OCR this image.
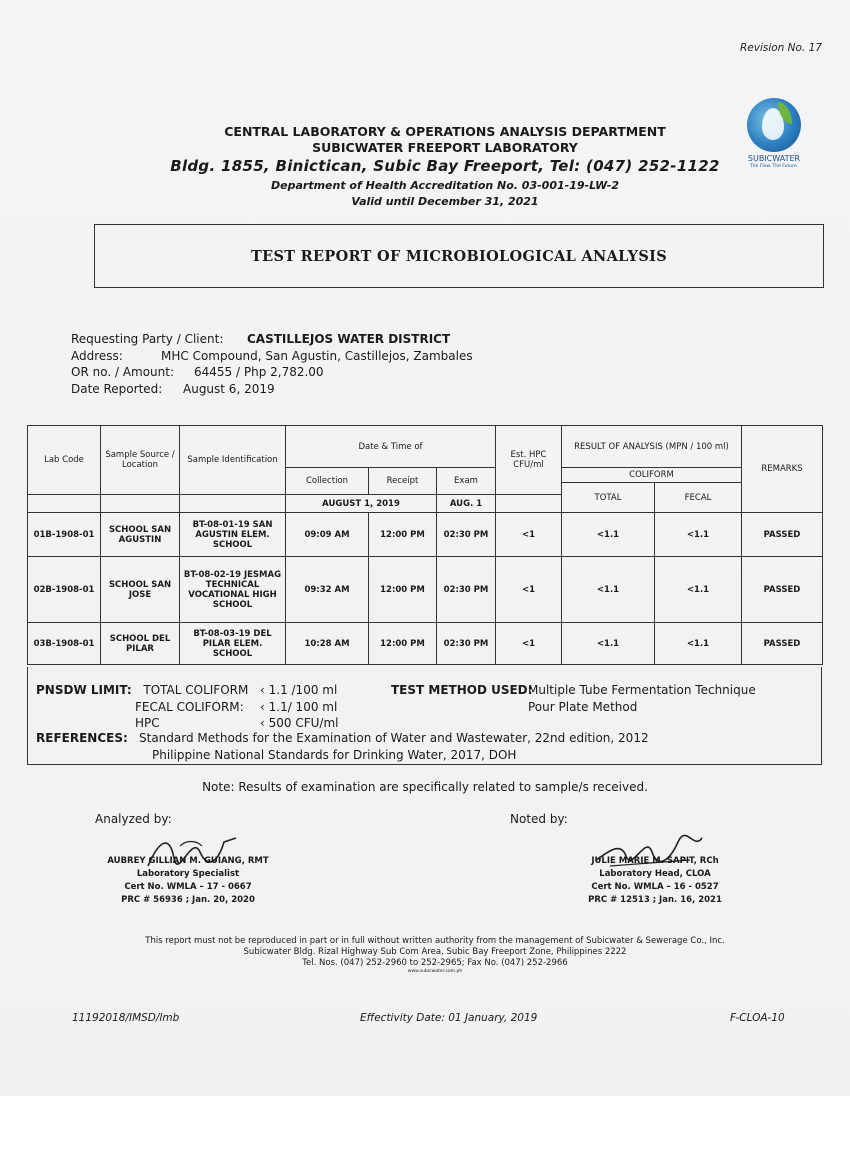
Revision No. 17
CENTRAL LABORATORY & OPERATIONS ANALYSIS DEPARTMENT
SUBICWATER FREEPORT LABORATORY
Bldg. 1855, Binictican, Subic Bay Freeport, Tel: (047) 252-1122
Department of Health Accreditation No. 03-001-19-LW-2
Valid until December 31, 2021
SUBICWATER
The Flow. The Future.
TEST REPORT OF MICROBIOLOGICAL ANALYSIS
Requesting Party / Client: CASTILLEJOS WATER DISTRICT
Address:	MHC Compound, San Agustin, Castillejos, Zambales
OR no. / Amount: 64455 / Php 2,782.00
Date Reported: August 6, 2019
Lab Code	Sample Source / Location	Sample Identification	Date & Time of			Est. HPC CFU/ml	RESULT OF ANALYSIS (MPN / 100 ml)		REMARKS
			Collection	Receipt	Exam		COLIFORM		
							TOTAL	FECAL	
			AUGUST 1, 2019		AUG. 1				
01B-1908-01	SCHOOL SAN AGUSTIN	BT-08-01-19 SAN AGUSTIN ELEM. SCHOOL	09:09 AM	12:00 PM	02:30 PM	<1	<1.1	<1.1	PASSED
02B-1908-01	SCHOOL SAN JOSE	BT-08-02-19 JESMAG TECHNICAL VOCATIONAL HIGH SCHOOL	09:32 AM	12:00 PM	02:30 PM	<1	<1.1	<1.1	PASSED
03B-1908-01	SCHOOL DEL PILAR	BT-08-03-19 DEL PILAR ELEM. SCHOOL	10:28 AM	12:00 PM	02:30 PM	<1	<1.1	<1.1	PASSED
PNSDW LIMIT: TOTAL COLIFORM ‹ 1.1 /100 ml
FECAL COLIFORM: ‹ 1.1/ 100 ml
HPC	‹ 500 CFU/ml
TEST METHOD USED:
Multiple Tube Fermentation Technique
Pour Plate Method
REFERENCES: Standard Methods for the Examination of Water and Wastewater, 22nd edition, 2012
Philippine National Standards for Drinking Water, 2017, DOH
Note: Results of examination are specifically related to sample/s received.
Analyzed by:	Noted by:
AUBREY GILLIAN M. GUIANG, RMT
Laboratory Specialist
Cert No. WMLA – 17 - 0667
PRC # 56936 ; Jan. 20, 2020
JULIE MARIE M. SAPIT, RCh
Laboratory Head, CLOA
Cert No. WMLA – 16 - 0527
PRC # 12513 ; Jan. 16, 2021
This report must not be reproduced in part or in full without written authority from the management of Subicwater & Sewerage Co., Inc.
Subicwater Bldg. Rizal Highway Sub Com Area, Subic Bay Freeport Zone, Philippines 2222
Tel. Nos. (047) 252-2960 to 252-2965; Fax No. (047) 252-2966
www.subicwater.com.ph
11192018/IMSD/lmb	Effectivity Date: 01 January, 2019	F-CLOA-10
